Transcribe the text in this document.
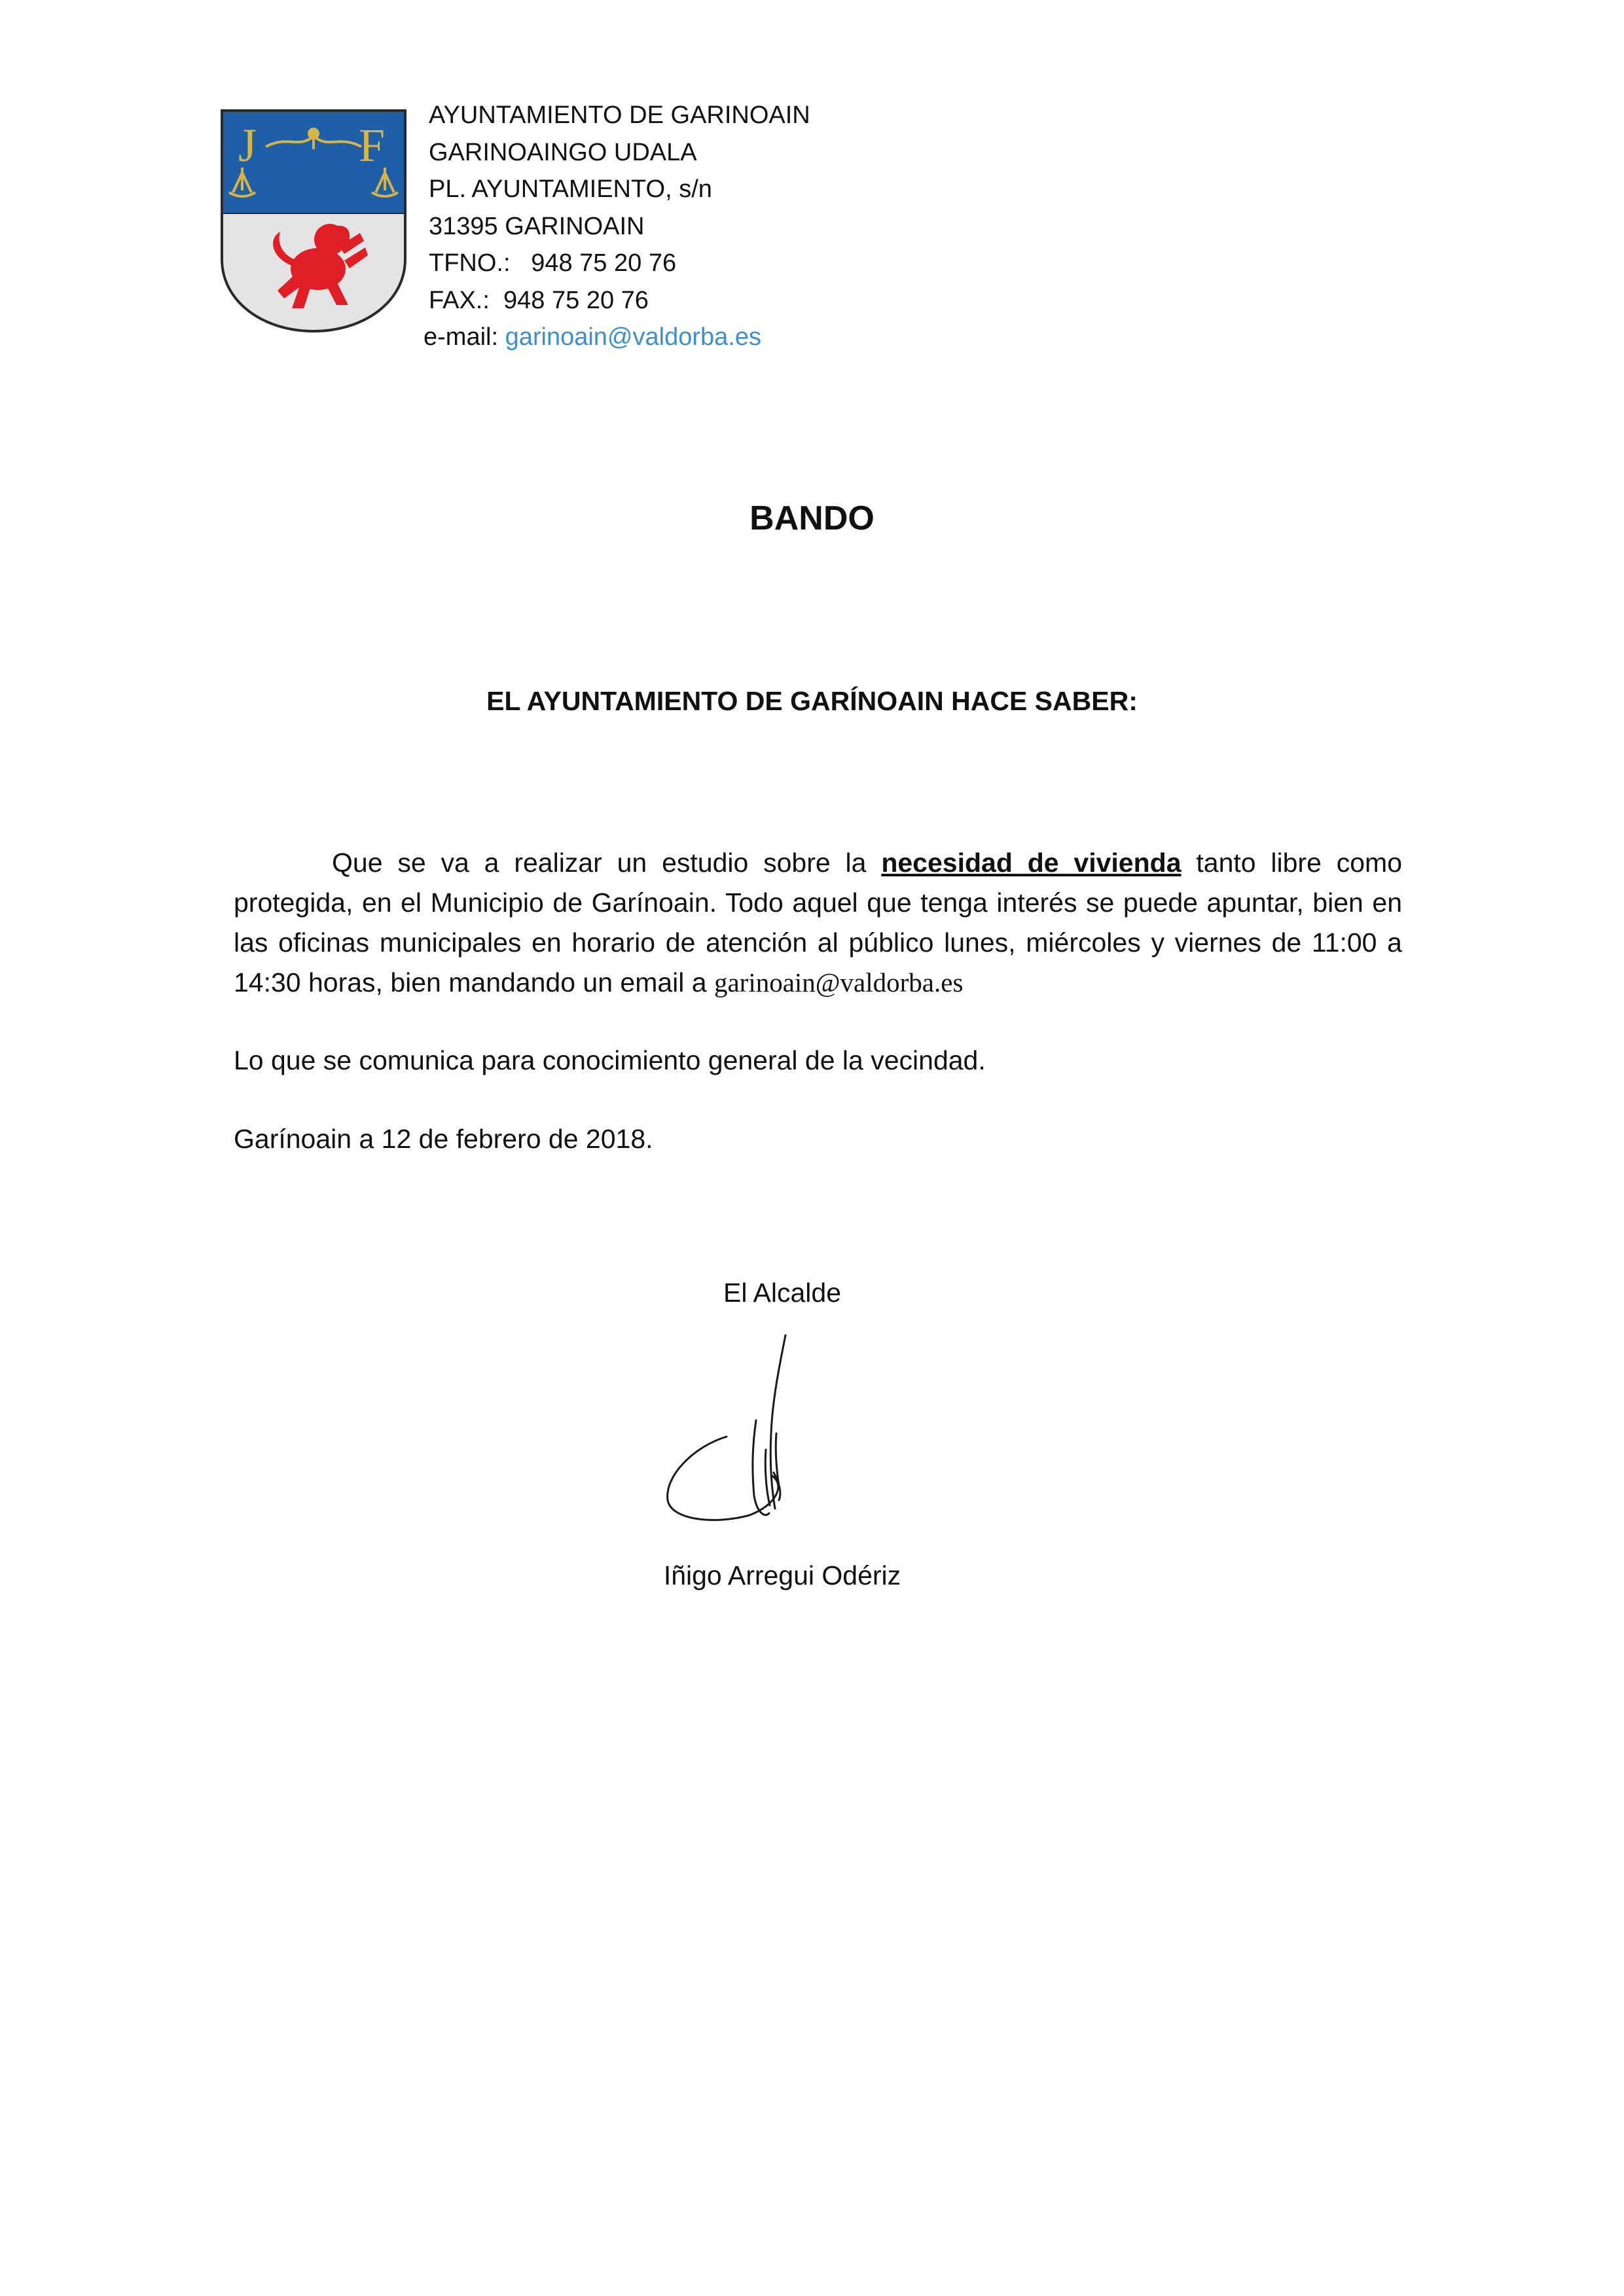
J F
AYUNTAMIENTO DE GARINOAIN
GARINOAINGO UDALA
PL. AYUNTAMIENTO, s/n
31395 GARINOAIN
TFNO.:   948 75 20 76
FAX.:  948 75 20 76
e-mail: garinoain@valdorba.es
BANDO
EL AYUNTAMIENTO DE GARÍNOAIN HACE SABER:

Que se va a realizar un estudio sobre la necesidad de vivienda tanto libre como protegida, en el Municipio de Garínoain. Todo aquel que tenga interés se puede apuntar, bien en las oficinas municipales en horario de atención al público lunes, miércoles y viernes de 11:00 a 14:30 horas, bien mandando un email a garinoain@valdorba.es

Lo que se comunica para conocimiento general de la vecindad.

Garínoain a 12 de febrero de 2018.

El Alcalde

Iñigo Arregui Odériz
